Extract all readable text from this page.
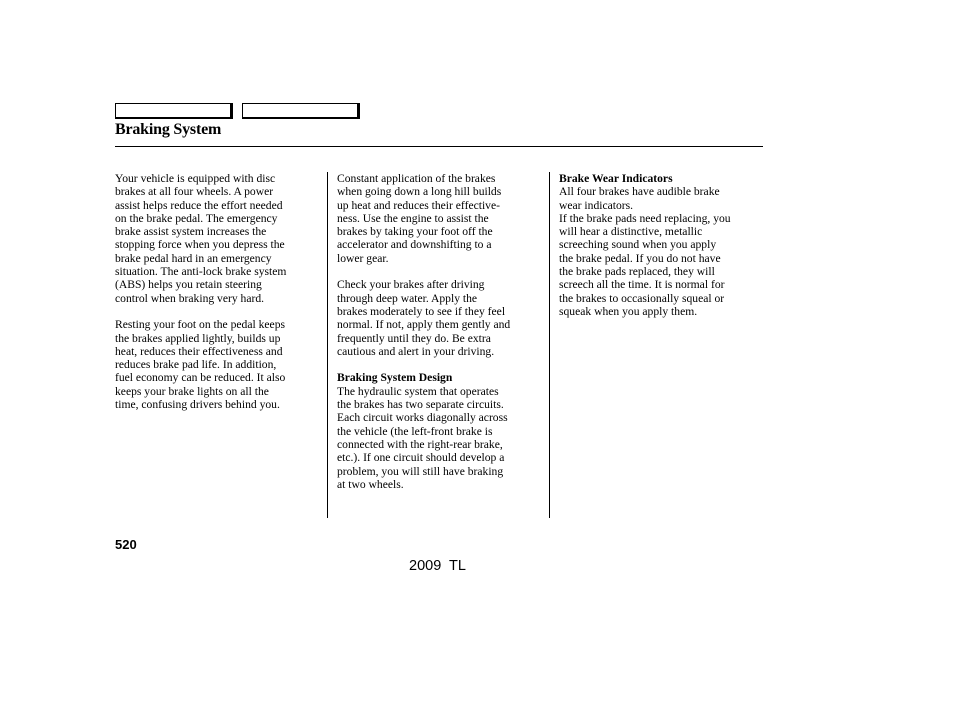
Braking System

Your vehicle is equipped with disc
brakes at all four wheels. A power
assist helps reduce the effort needed
on the brake pedal. The emergency
brake assist system increases the
stopping force when you depress the
brake pedal hard in an emergency
situation. The anti-lock brake system
(ABS) helps you retain steering
control when braking very hard.

Resting your foot on the pedal keeps
the brakes applied lightly, builds up
heat, reduces their effectiveness and
reduces brake pad life. In addition,
fuel economy can be reduced. It also
keeps your brake lights on all the
time, confusing drivers behind you.

Constant application of the brakes
when going down a long hill builds
up heat and reduces their effective-
ness. Use the engine to assist the
brakes by taking your foot off the
accelerator and downshifting to a
lower gear.

Check your brakes after driving
through deep water. Apply the
brakes moderately to see if they feel
normal. If not, apply them gently and
frequently until they do. Be extra
cautious and alert in your driving.

Braking System Design

The hydraulic system that operates
the brakes has two separate circuits.
Each circuit works diagonally across
the vehicle (the left-front brake is
connected with the right-rear brake,
etc.). If one circuit should develop a
problem, you will still have braking
at two wheels.

Brake Wear Indicators

All four brakes have audible brake
wear indicators.
If the brake pads need replacing, you
will hear a distinctive, metallic
screeching sound when you apply
the brake pedal. If you do not have
the brake pads replaced, they will
screech all the time. It is normal for
the brakes to occasionally squeal or
squeak when you apply them.

520
2009  TL
